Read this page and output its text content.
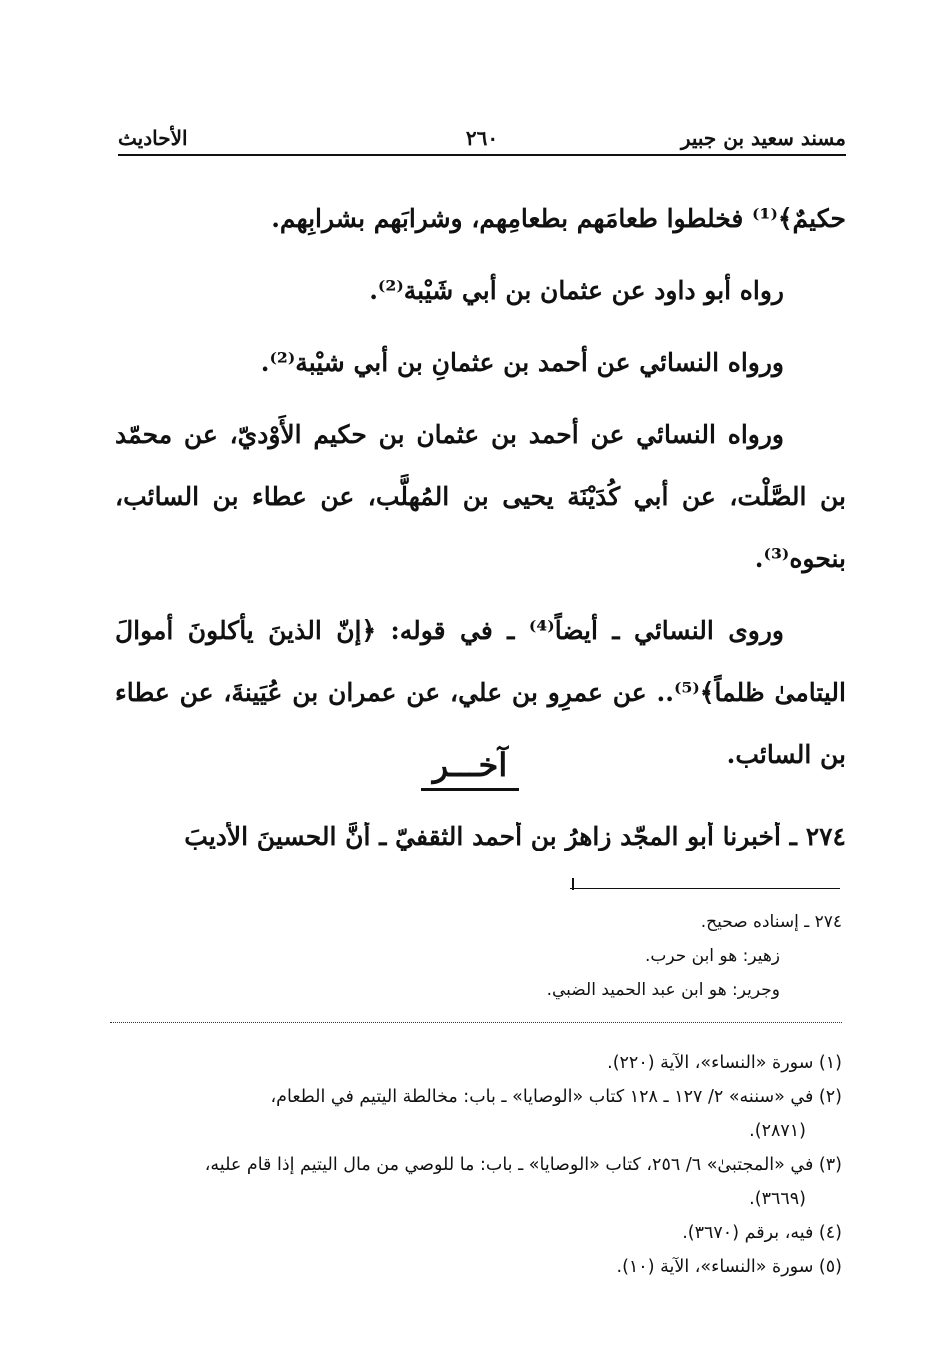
مسند سعيد بن جبير
٢٦٠
الأحاديث

حكيمٌ﴾⁽¹⁾ فخلطوا طعامَهم بطعامِهم، وشرابَهم بشرابِهم.

رواه أبو داود عن عثمان بن أبي شَيْبة⁽²⁾.

ورواه النسائي عن أحمد بن عثمانِ بن أبي شيْبة⁽²⁾.

ورواه النسائي عن أحمد بن عثمان بن حكيم الأَوْديّ، عن محمّد بن الصَّلْت، عن أبي كُدَيْنَة يحيى بن المُهلَّب، عن عطاء بن السائب، بنحوه⁽³⁾.

وروى النسائي ـ أيضاً⁽⁴⁾ ـ في قوله: ﴿إنّ الذينَ يأكلونَ أموالَ اليتامىٰ ظلماً﴾⁽⁵⁾.. عن عمرِو بن علي، عن عمران بن عُيَينةَ، عن عطاء بن السائب.

آخـــر
٢٧٤ ـ أخبرنا أبو المجّد زاهرُ بن أحمد الثقفيّ ـ أنَّ الحسينَ الأديبَ
٢٧٤ ـ إسناده صحيح.
زهير: هو ابن حرب.
وجرير: هو ابن عبد الحميد الضبي.
(١) سورة «النساء»، الآية (٢٢٠).
(٢) في «سننه» ٢/ ١٢٧ ـ ١٢٨ كتاب «الوصايا» ـ باب: مخالطة اليتيم في الطعام،
(٢٨٧١).
(٣) في «المجتبىٰ» ٦/ ٢٥٦، كتاب «الوصايا» ـ باب: ما للوصي من مال اليتيم إذا قام عليه،
(٣٦٦٩).
(٤) فيه، برقم (٣٦٧٠).
(٥) سورة «النساء»، الآية (١٠).
